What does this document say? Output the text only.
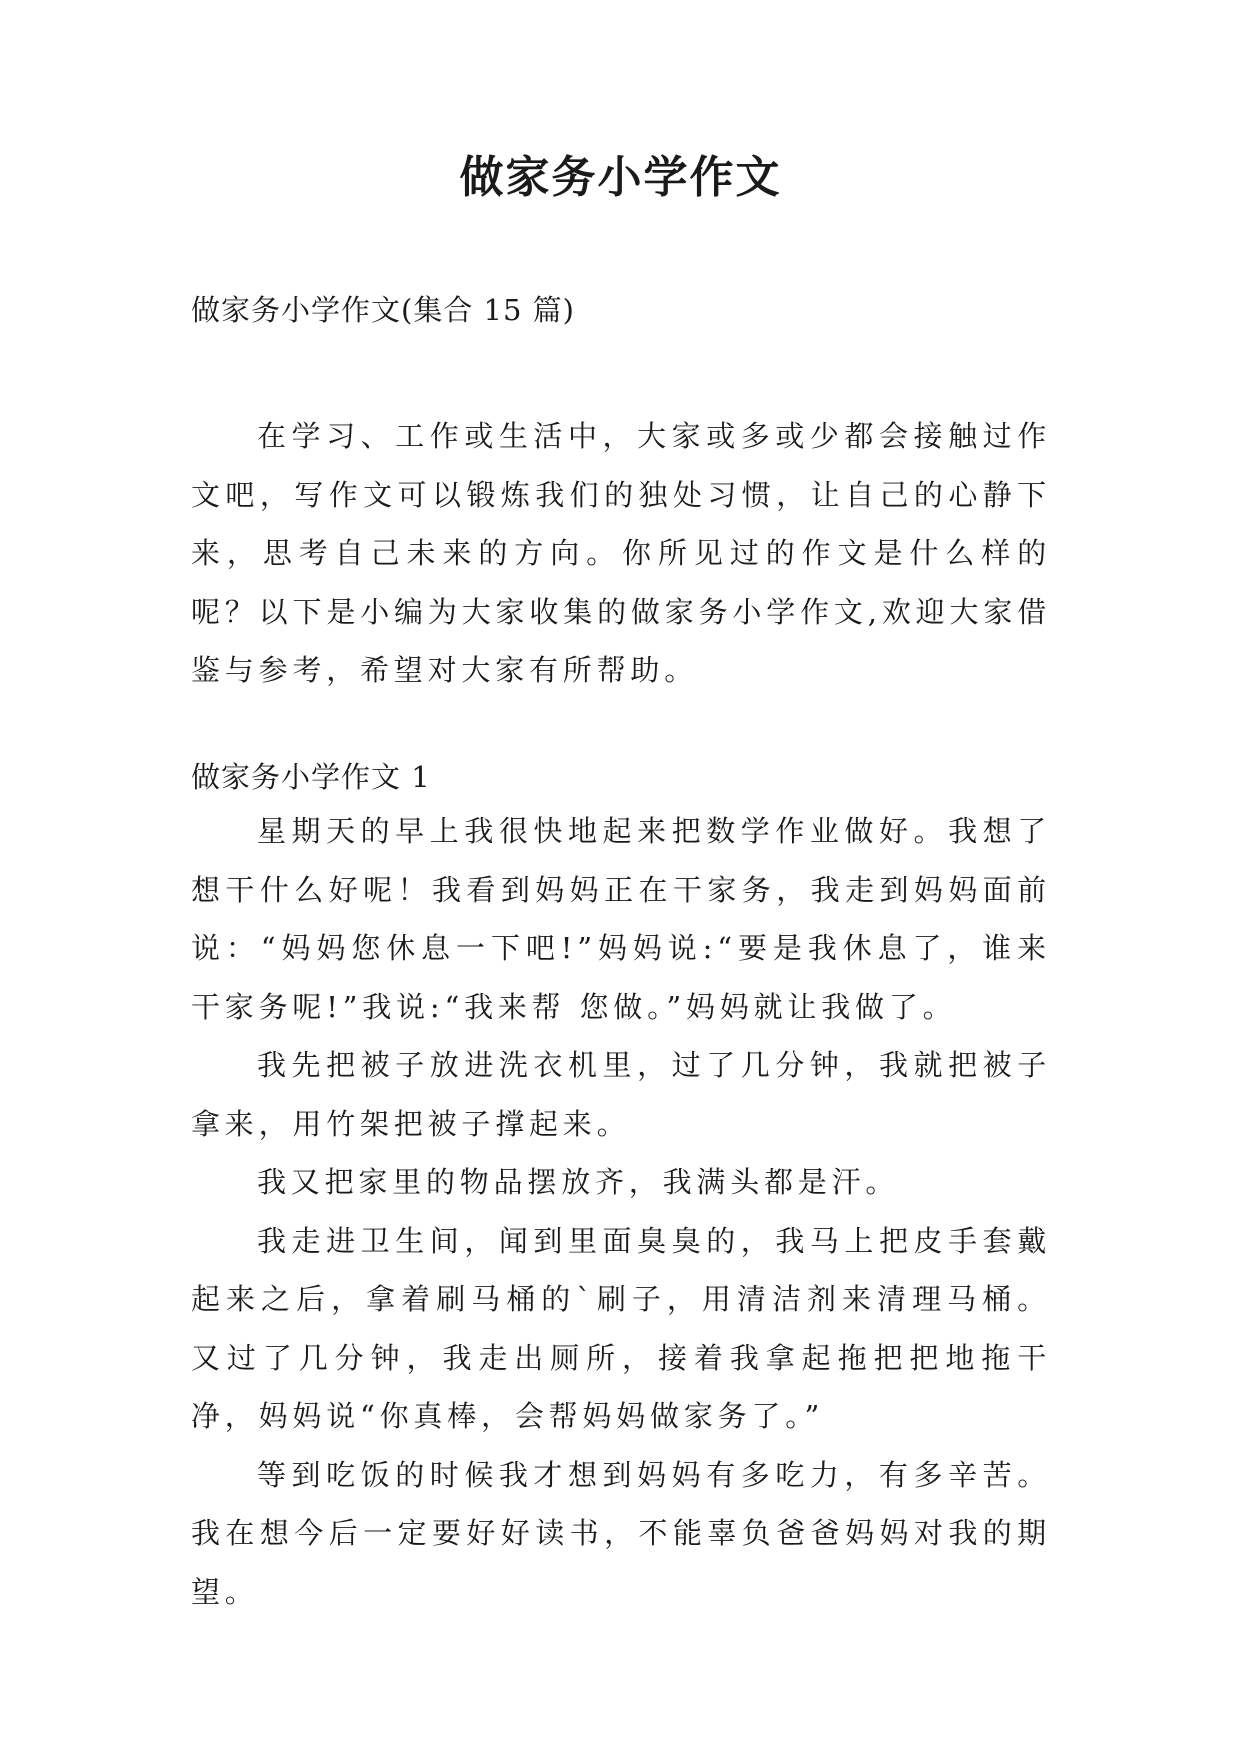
做家务小学作文
做家务小学作文(集合 15 篇)

在学习、工作或生活中，大家或多或少都会接触过作文吧，写作文可以锻炼我们的独处习惯，让自己的心静下来，思考自己未来的方向。你所见过的作文是什么样的呢？以下是小编为大家收集的做家务小学作文,欢迎大家借鉴与参考，希望对大家有所帮助。

做家务小学作文 1

星期天的早上我很快地起来把数学作业做好。我想了想干什么好呢！我看到妈妈正在干家务，我走到妈妈面前说：“妈妈您休息一下吧!”妈妈说:“要是我休息了，谁来干家务呢!”我说:“我来帮 您做。”妈妈就让我做了。

我先把被子放进洗衣机里，过了几分钟，我就把被子拿来，用竹架把被子撑起来。

我又把家里的物品摆放齐，我满头都是汗。

我走进卫生间，闻到里面臭臭的，我马上把皮手套戴起来之后，拿着刷马桶的`刷子，用清洁剂来清理马桶。又过了几分钟，我走出厕所，接着我拿起拖把把地拖干净，妈妈说“你真棒，会帮妈妈做家务了。”

等到吃饭的时候我才想到妈妈有多吃力，有多辛苦。我在想今后一定要好好读书，不能辜负爸爸妈妈对我的期望。
